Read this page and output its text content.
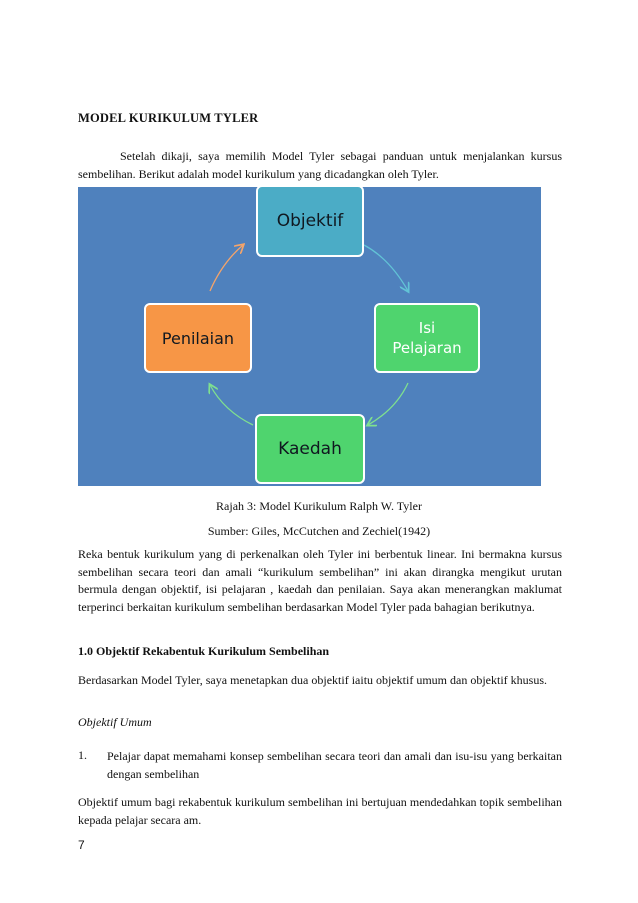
MODEL KURIKULUM TYLER
Setelah dikaji, saya memilih Model Tyler sebagai panduan untuk menjalankan kursus sembelihan. Berikut adalah model kurikulum yang dicadangkan oleh Tyler.
Objektif
Isi
Pelajaran
Kaedah
Penilaian
Rajah 3: Model Kurikulum Ralph W. Tyler
Sumber: Giles, McCutchen and Zechiel(1942)
Reka bentuk kurikulum yang di perkenalkan oleh Tyler ini berbentuk linear. Ini bermakna kursus sembelihan secara teori dan amali “kurikulum sembelihan” ini akan dirangka mengikut urutan bermula dengan objektif, isi pelajaran , kaedah dan penilaian. Saya akan menerangkan maklumat terperinci berkaitan kurikulum sembelihan berdasarkan Model Tyler pada bahagian berikutnya.
1.0 Objektif Rekabentuk Kurikulum Sembelihan
Berdasarkan Model Tyler, saya menetapkan dua objektif iaitu objektif umum dan objektif khusus.
Objektif Umum
1. Pelajar dapat memahami konsep sembelihan secara teori dan amali dan isu-isu yang berkaitan dengan sembelihan
Objektif umum bagi rekabentuk kurikulum sembelihan ini bertujuan mendedahkan topik sembelihan kepada pelajar secara am.
7
